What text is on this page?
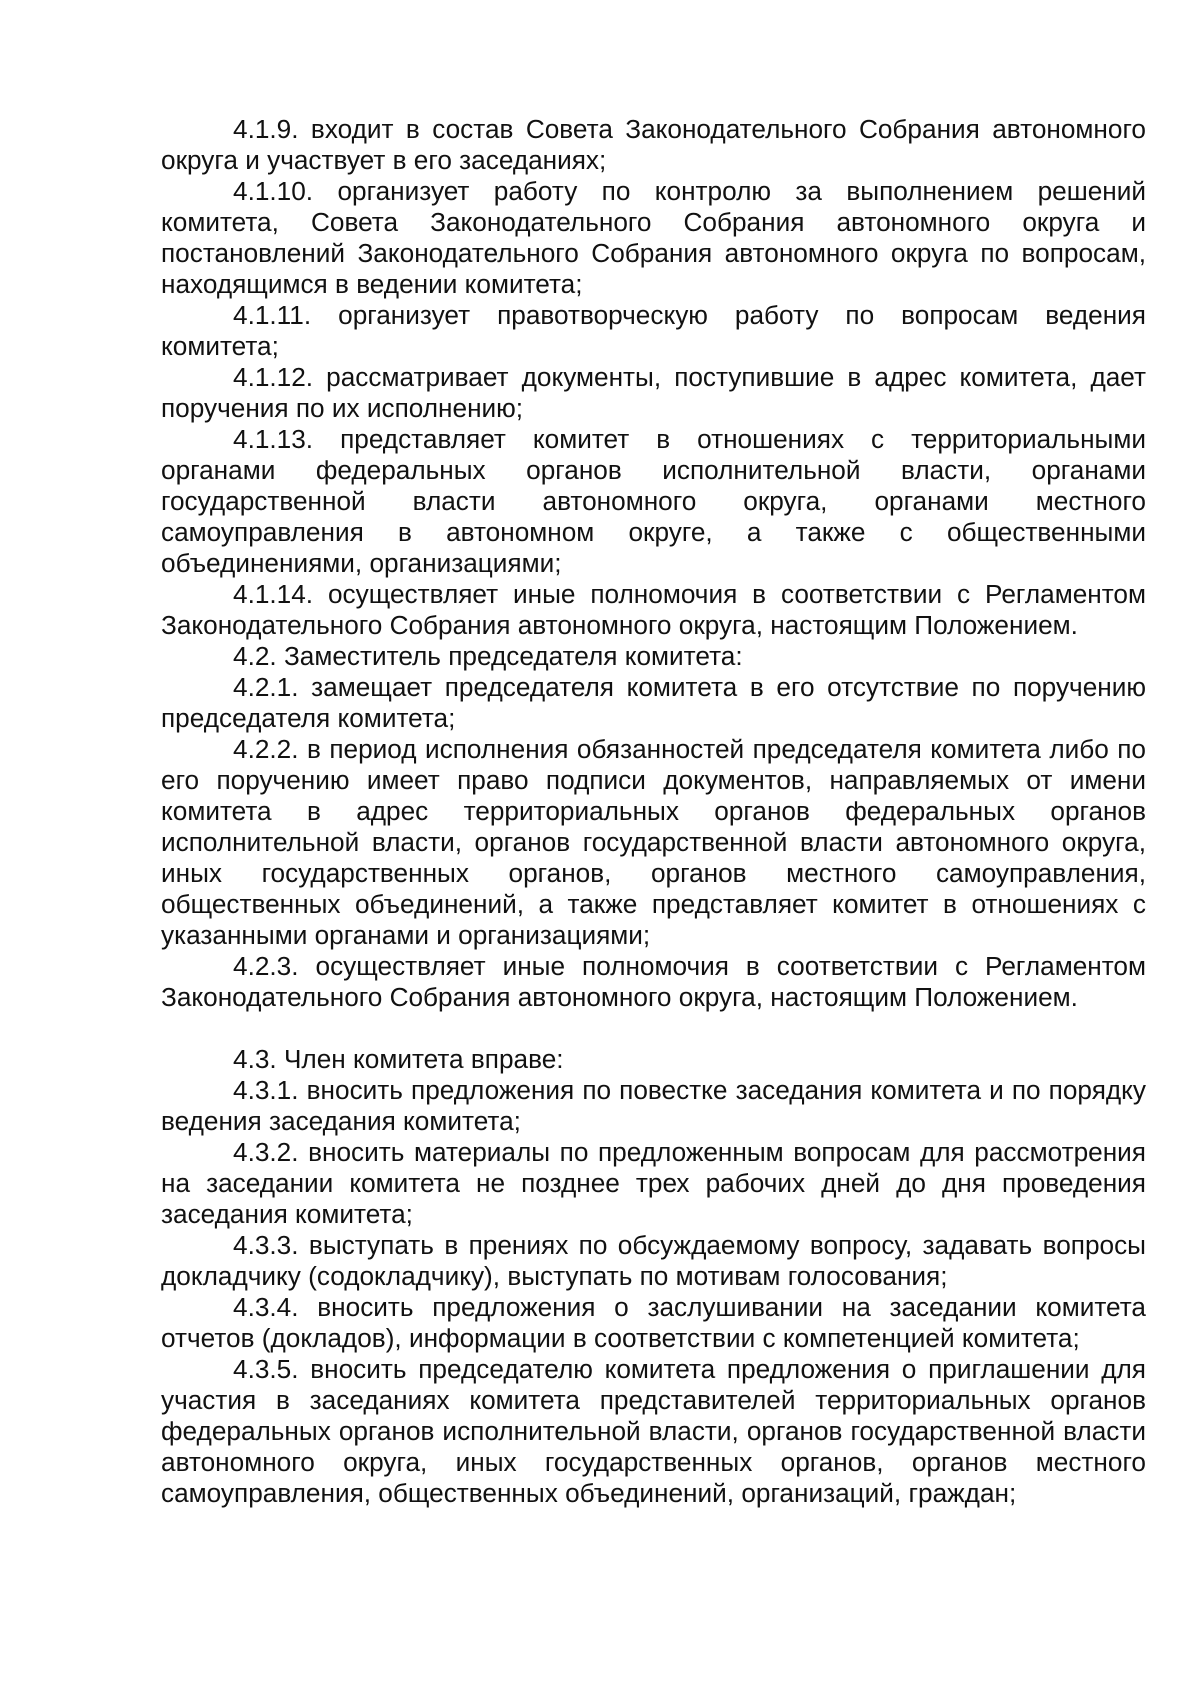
4.1.9. входит в состав Совета Законодательного Собрания автономного округа и участвует в его заседаниях;

4.1.10. организует работу по контролю за выполнением решений комитета, Совета Законодательного Собрания автономного округа и постановлений Законодательного Собрания автономного округа по вопросам, находящимся в ведении комитета;

4.1.11. организует правотворческую работу по вопросам ведения комитета;

4.1.12. рассматривает документы, поступившие в адрес комитета, дает поручения по их исполнению;

4.1.13. представляет комитет в отношениях с территориальными органами федеральных органов исполнительной власти, органами государственной власти автономного округа, органами местного самоуправления в автономном округе, а также с общественными объединениями, организациями;

4.1.14. осуществляет иные полномочия в соответствии с Регламентом Законодательного Собрания автономного округа, настоящим Положением.

4.2. Заместитель председателя комитета:

4.2.1. замещает председателя комитета в его отсутствие по поручению председателя комитета;

4.2.2. в период исполнения обязанностей председателя комитета либо по его поручению имеет право подписи документов, направляемых от имени комитета в адрес территориальных органов федеральных органов исполнительной власти, органов государственной власти автономного округа, иных государственных органов, органов местного самоуправления, общественных объединений, а также представляет комитет в отношениях с указанными органами и организациями;

4.2.3. осуществляет иные полномочия в соответствии с Регламентом Законодательного Собрания автономного округа, настоящим Положением.

4.3. Член комитета вправе:

4.3.1. вносить предложения по повестке заседания комитета и по порядку ведения заседания комитета;

4.3.2. вносить материалы по предложенным вопросам для рассмотрения на заседании комитета не позднее трех рабочих дней до дня проведения заседания комитета;

4.3.3. выступать в прениях по обсуждаемому вопросу, задавать вопросы докладчику (содокладчику), выступать по мотивам голосования;

4.3.4. вносить предложения о заслушивании на заседании комитета отчетов (докладов), информации в соответствии с компетенцией комитета;

4.3.5. вносить председателю комитета предложения о приглашении для участия в заседаниях комитета представителей территориальных органов федеральных органов исполнительной власти, органов государственной власти автономного округа, иных государственных органов, органов местного самоуправления, общественных объединений, организаций, граждан;
